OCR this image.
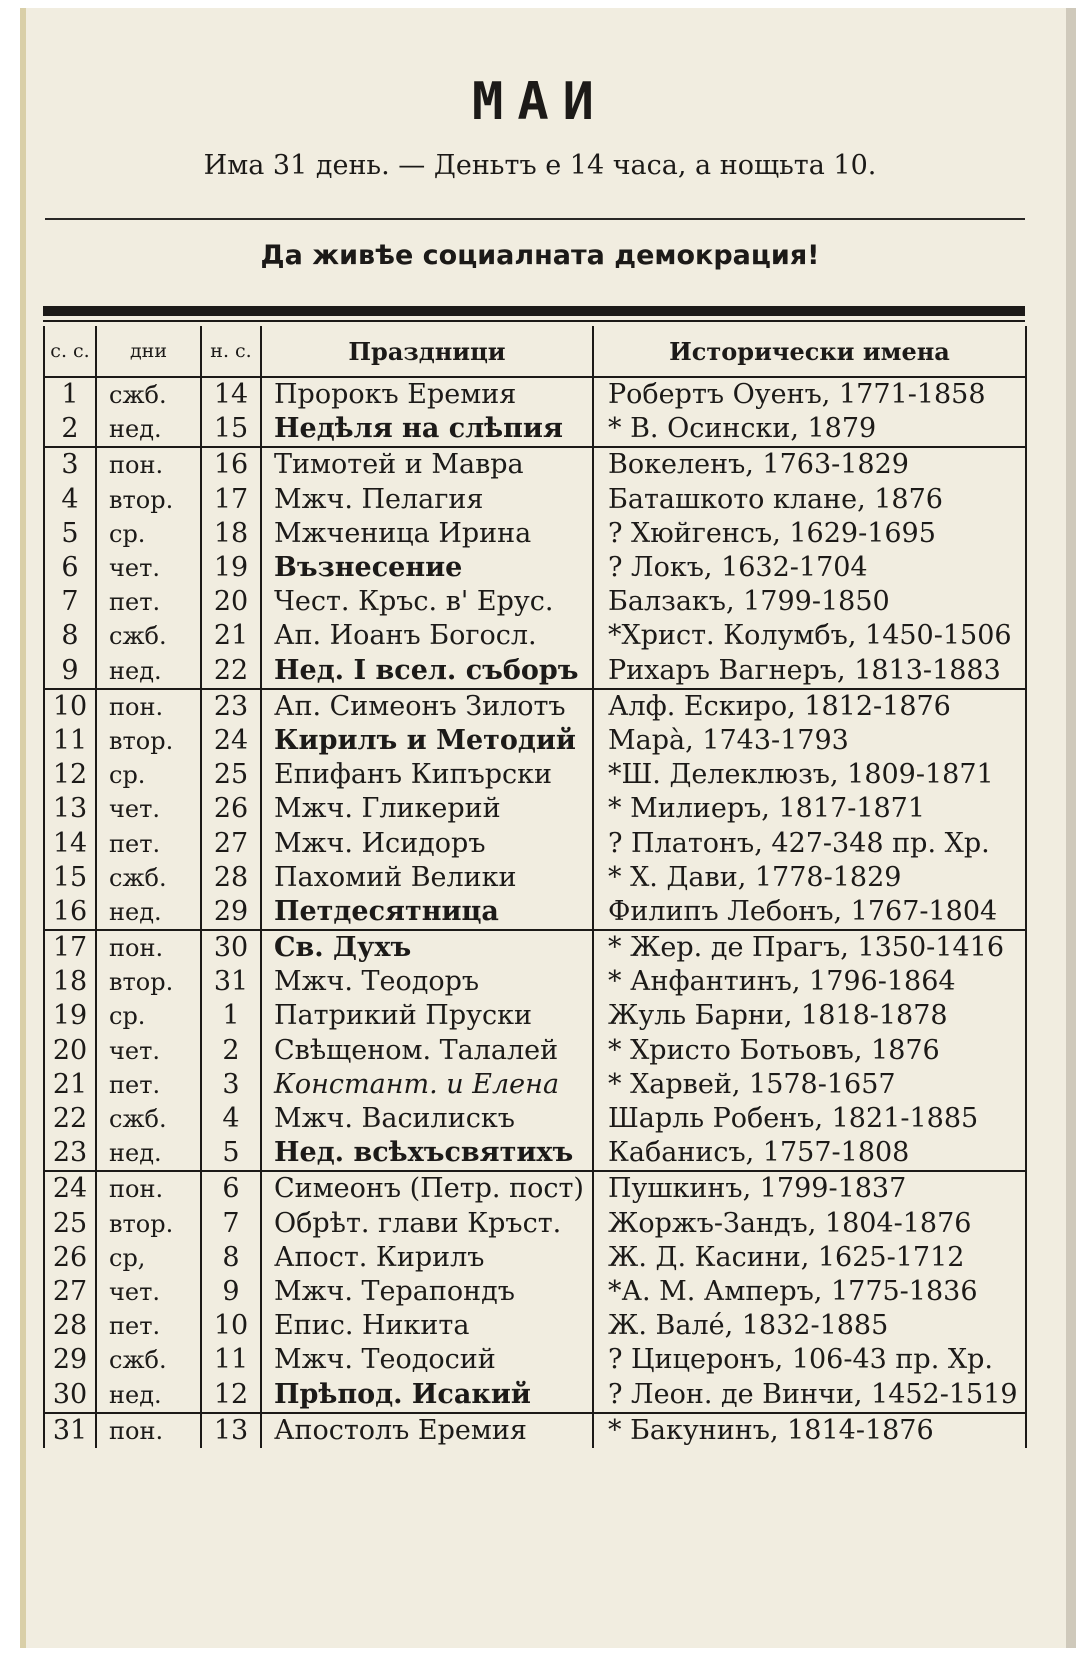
МАИ
Има 31 день. — Деньтъ е 14 часа, а нощьта 10.
Да живѣе социалната демокрация!
с. с.	дни	н. с.	Праздници	Исторически имена
1	сжб.	14	Пророкъ Еремия	Робертъ Оуенъ, 1771-1858
2	нед.	15	Недѣля на слѣпия	* В. Осински, 1879
3	пон.	16	Тимотей и Мавра	Вокеленъ, 1763-1829
4	втор.	17	Мжч. Пелагия	Баташкото клане, 1876
5	ср.	18	Мжченица Ирина	? Хюйгенсъ, 1629-1695
6	чет.	19	Възнесение	? Локъ, 1632-1704
7	пет.	20	Чест. Кръс. в' Ерус.	Балзакъ, 1799-1850
8	сжб.	21	Ап. Иоанъ Богосл.	*Христ. Колумбъ, 1450-1506
9	нед.	22	Нед. I всел. съборъ	Рихаръ Вагнеръ, 1813-1883
10	пон.	23	Ап. Симеонъ Зилотъ	Алф. Ескиро, 1812-1876
11	втор.	24	Кирилъ и Методий	Марà, 1743-1793
12	ср.	25	Епифанъ Кипърски	*Ш. Делеклюзъ, 1809-1871
13	чет.	26	Мжч. Гликерий	* Милиеръ, 1817-1871
14	пет.	27	Мжч. Исидоръ	? Платонъ, 427-348 пр. Хр.
15	сжб.	28	Пахомий Велики	* Х. Дави, 1778-1829
16	нед.	29	Петдесятница	Филипъ Лебонъ, 1767-1804
17	пон.	30	Св. Духъ	* Жер. де Прагъ, 1350-1416
18	втор.	31	Мжч. Теодоръ	* Анфантинъ, 1796-1864
19	ср.	1	Патрикий Пруски	Жуль Барни, 1818-1878
20	чет.	2	Свѣщеном. Талалей	* Христо Ботьовъ, 1876
21	пет.	3	Констант. и Елена	* Харвей, 1578-1657
22	сжб.	4	Мжч. Василискъ	Шарль Робенъ, 1821-1885
23	нед.	5	Нед. всѣхъсвятихъ	Кабанисъ, 1757-1808
24	пон.	6	Симеонъ (Петр. пост)	Пушкинъ, 1799-1837
25	втор.	7	Обрѣт. глави Кръст.	Жоржъ-Зандъ, 1804-1876
26	ср,	8	Апост. Кирилъ	Ж. Д. Касини, 1625-1712
27	чет.	9	Мжч. Терапондъ	*А. М. Амперъ, 1775-1836
28	пет.	10	Епис. Никита	Ж. Вале́, 1832-1885
29	сжб.	11	Мжч. Теодосий	? Цицеронъ, 106-43 пр. Хр.
30	нед.	12	Прѣпод. Исакий	? Леон. де Винчи, 1452-1519
31	пон.	13	Апостолъ Еремия	* Бакунинъ, 1814-1876
